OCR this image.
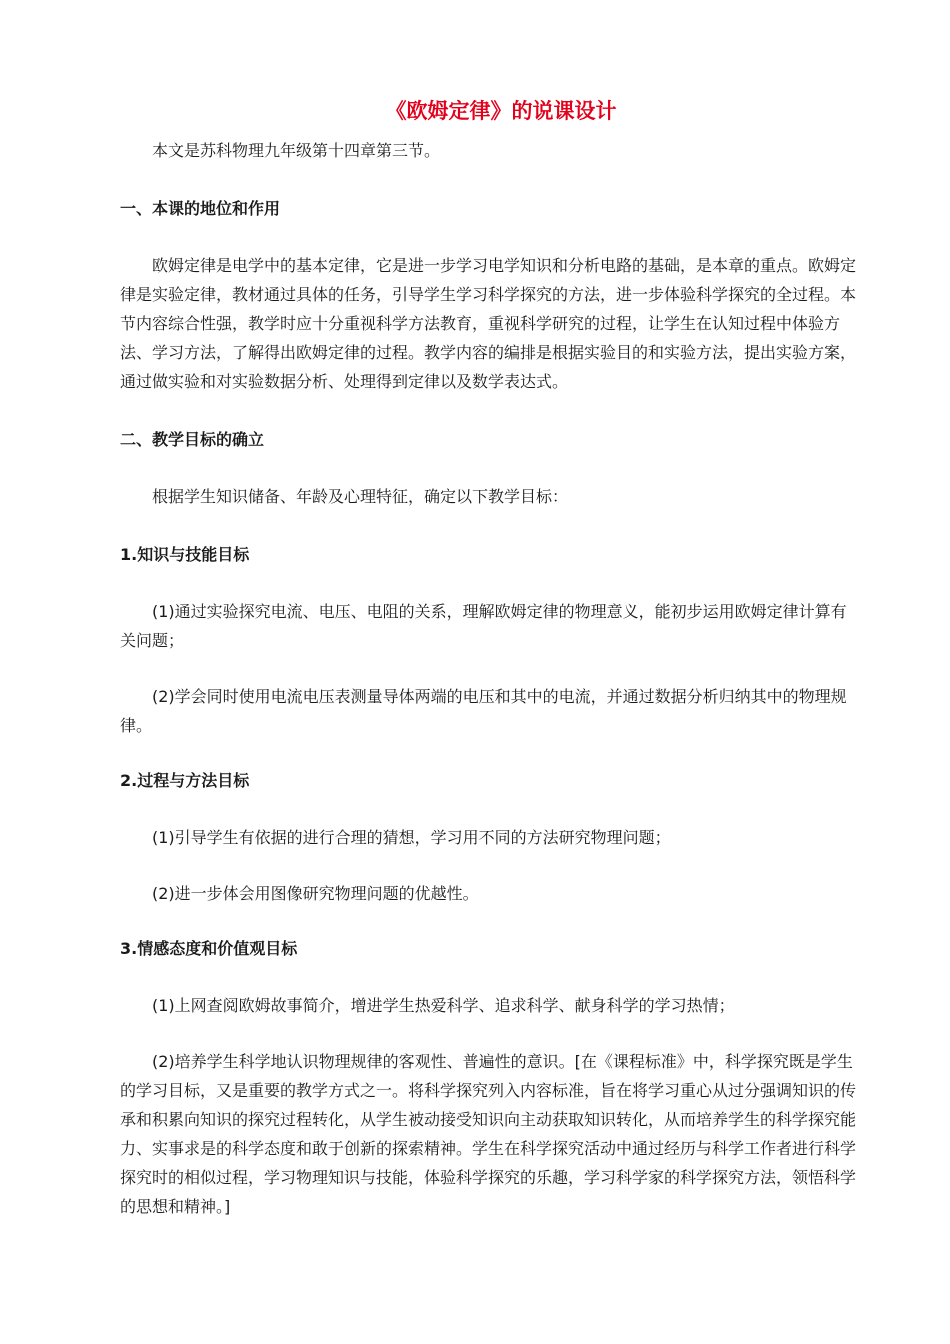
《欧姆定律》的说课设计

本文是苏科物理九年级第十四章第三节。

一、本课的地位和作用

欧姆定律是电学中的基本定律，它是进一步学习电学知识和分析电路的基础，是本章的重点。欧姆定律是实验定律，教材通过具体的任务，引导学生学习科学探究的方法，进一步体验科学探究的全过程。本节内容综合性强，教学时应十分重视科学方法教育，重视科学研究的过程，让学生在认知过程中体验方法、学习方法，了解得出欧姆定律的过程。教学内容的编排是根据实验目的和实验方法，提出实验方案，通过做实验和对实验数据分析、处理得到定律以及数学表达式。

二、教学目标的确立

根据学生知识储备、年龄及心理特征，确定以下教学目标：

1.知识与技能目标

(1)通过实验探究电流、电压、电阻的关系，理解欧姆定律的物理意义，能初步运用欧姆定律计算有关问题；

(2)学会同时使用电流电压表测量导体两端的电压和其中的电流，并通过数据分析归纳其中的物理规律。

2.过程与方法目标

(1)引导学生有依据的进行合理的猜想，学习用不同的方法研究物理问题；

(2)进一步体会用图像研究物理问题的优越性。

3.情感态度和价值观目标

(1)上网查阅欧姆故事简介，增进学生热爱科学、追求科学、献身科学的学习热情；

(2)培养学生科学地认识物理规律的客观性、普遍性的意识。[在《课程标准》中，科学探究既是学生的学习目标，又是重要的教学方式之一。将科学探究列入内容标准，旨在将学习重心从过分强调知识的传承和积累向知识的探究过程转化，从学生被动接受知识向主动获取知识转化，从而培养学生的科学探究能力、实事求是的科学态度和敢于创新的探索精神。学生在科学探究活动中通过经历与科学工作者进行科学探究时的相似过程，学习物理知识与技能，体验科学探究的乐趣，学习科学家的科学探究方法，领悟科学的思想和精神。]
